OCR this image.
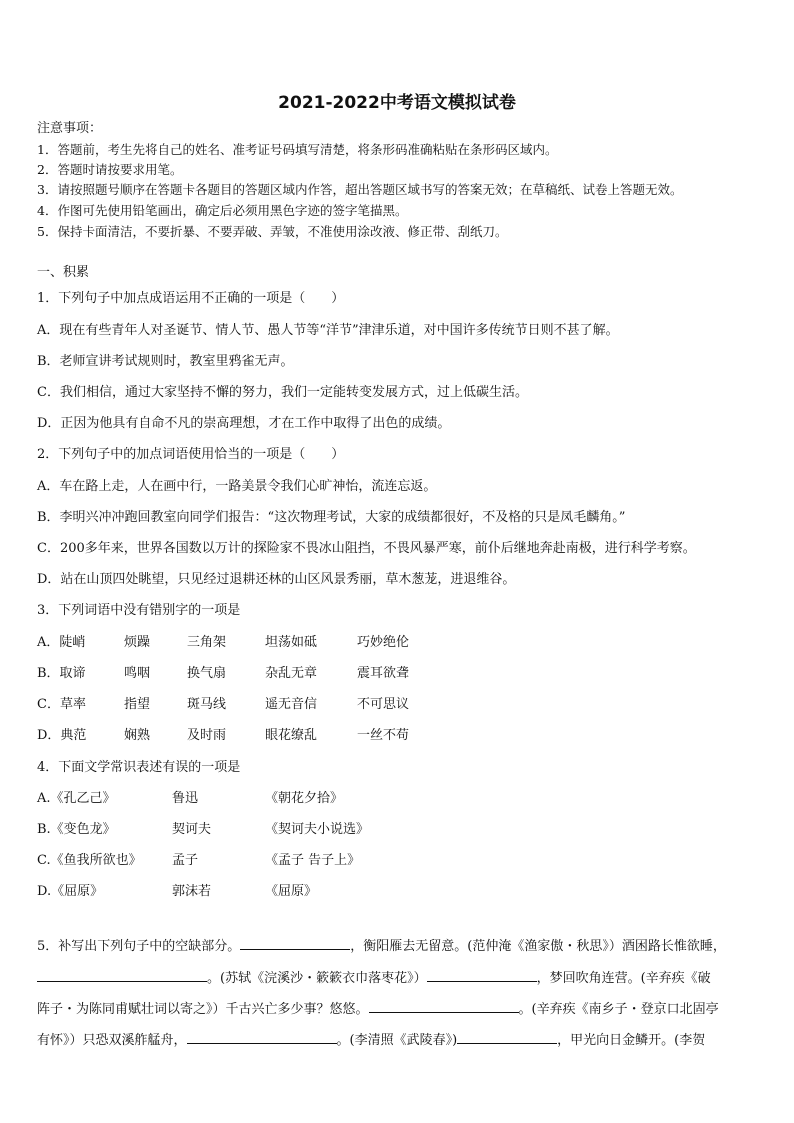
2021-2022中考语文模拟试卷
注意事项：
1．答题前，考生先将自己的姓名、准考证号码填写清楚，将条形码准确粘贴在条形码区域内。
2．答题时请按要求用笔。
3．请按照题号顺序在答题卡各题目的答题区域内作答，超出答题区域书写的答案无效；在草稿纸、试卷上答题无效。
4．作图可先使用铅笔画出，确定后必须用黑色字迹的签字笔描黑。
5．保持卡面清洁，不要折暴、不要弄破、弄皱，不准使用涂改液、修正带、刮纸刀。
一、积累
1．下列句子中加点成语运用不正确的一项是（　　）
A．现在有些青年人对圣诞节、情人节、愚人节等“洋节”津津乐道，对中国许多传统节日则不甚了解。
B．老师宣讲考试规则时，教室里鸦雀无声。
C．我们相信，通过大家坚持不懈的努力，我们一定能转变发展方式，过上低碳生活。
D．正因为他具有自命不凡的崇高理想，才在工作中取得了出色的成绩。
2．下列句子中的加点词语使用恰当的一项是（　　）
A．车在路上走，人在画中行，一路美景令我们心旷神怡，流连忘返。
B．李明兴冲冲跑回教室向同学们报告：“这次物理考试，大家的成绩都很好，不及格的只是凤毛麟角。”
C．200多年来，世界各国数以万计的探险家不畏冰山阻挡，不畏风暴严寒，前仆后继地奔赴南极，进行科学考察。
D．站在山顶四处眺望，只见经过退耕还林的山区风景秀丽，草木葱茏，进退维谷。
3．下列词语中没有错别字的一项是
A．陡峭	烦躁	三角架	坦荡如砥	巧妙绝伦
B．取谛	鸣咽	换气扇	杂乱无章	震耳欲聋
C．草率	指望	斑马线	遥无音信	不可思议
D．典范	娴熟	及时雨	眼花缭乱	一丝不苟
4．下面文学常识表述有误的一项是
A.《孔乙己》	鲁迅	《朝花夕拾》
B.《变色龙》	契诃夫	《契诃夫小说选》
C.《鱼我所欲也》 孟子	《孟子 告子上》
D.《屈原》	郭沫若	《屈原》
5．补写出下列句子中的空缺部分。	，衡阳雁去无留意。(范仲淹《渔家傲・秋思》）酒困路长惟欲睡，
。(苏轼《浣溪沙・簌簌衣巾落枣花》）	，梦回吹角连营。(辛弃疾《破
阵子・为陈同甫赋壮词以寄之》）千古兴亡多少事？悠悠。	。(辛弃疾《南乡子・登京口北固亭
有怀》）只恐双溪舴艋舟，	。(李清照《武陵春》)	，甲光向日金鳞开。(李贺
